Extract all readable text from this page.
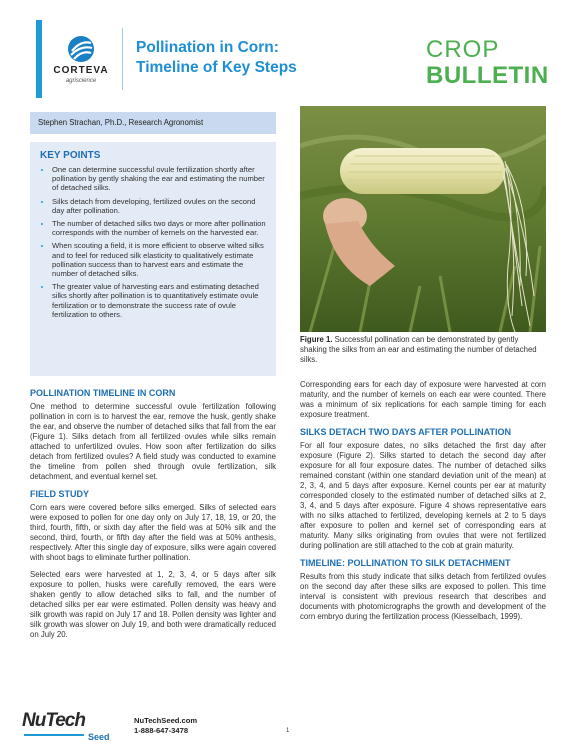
CORTEVA
agriscience
Pollination in Corn:
Timeline of Key Steps
CROP
BULLETIN
Stephen Strachan, Ph.D., Research Agronomist
KEY POINTS
• One can determine successful ovule fertilization shortly after pollination by gently shaking the ear and estimating the number of detached silks.
• Silks detach from developing, fertilized ovules on the second day after pollination.
• The number of detached silks two days or more after pollination corresponds with the number of kernels on the harvested ear.
• When scouting a field, it is more efficient to observe wilted silks and to feel for reduced silk elasticity to qualitatively estimate pollination success than to harvest ears and estimate the number of detached silks.
• The greater value of harvesting ears and estimating detached silks shortly after pollination is to quantitatively estimate ovule fertilization or to demonstrate the success rate of ovule fertilization to others.
POLLINATION TIMELINE IN CORN

One method to determine successful ovule fertilization following pollination in corn is to harvest the ear, remove the husk, gently shake the ear, and observe the number of detached silks that fall from the ear (Figure 1). Silks detach from all fertilized ovules while silks remain attached to unfertilized ovules. How soon after fertilization do silks detach from fertilized ovules? A field study was conducted to examine the timeline from pollen shed through ovule fertilization, silk detachment, and eventual kernel set.

FIELD STUDY

Corn ears were covered before silks emerged. Silks of selected ears were exposed to pollen for one day only on July 17, 18, 19, or 20, the third, fourth, fifth, or sixth day after the field was at 50% silk and the second, third, fourth, or fifth day after the field was at 50% anthesis, respectively. After this single day of exposure, silks were again covered with shoot bags to eliminate further pollination.

Selected ears were harvested at 1, 2, 3, 4, or 5 days after silk exposure to pollen, husks were carefully removed, the ears were shaken gently to allow detached silks to fall, and the number of detached silks per ear were estimated. Pollen density was heavy and silk growth was rapid on July 17 and 18. Pollen density was lighter and silk growth was slower on July 19, and both were dramatically reduced on July 20.

Figure 1. Successful pollination can be demonstrated by gently shaking the silks from an ear and estimating the number of detached silks.

Corresponding ears for each day of exposure were harvested at corn maturity, and the number of kernels on each ear were counted. There was a minimum of six replications for each sample timing for each exposure treatment.

SILKS DETACH TWO DAYS AFTER POLLINATION

For all four exposure dates, no silks detached the first day after exposure (Figure 2). Silks started to detach the second day after exposure for all four exposure dates. The number of detached silks remained constant (within one standard deviation unit of the mean) at 2, 3, 4, and 5 days after exposure. Kernel counts per ear at maturity corresponded closely to the estimated number of detached silks at 2, 3, 4, and 5 days after exposure. Figure 4 shows representative ears with no silks attached to fertilized, developing kernels at 2 to 5 days after exposure to pollen and kernel set of corresponding ears at maturity. Many silks originating from ovules that were not fertilized during pollination are still attached to the cob at grain maturity.

TIMELINE: POLLINATION TO SILK DETACHMENT

Results from this study indicate that silks detach from fertilized ovules on the second day after these silks are exposed to pollen. This time interval is consistent with previous research that describes and documents with photomicrographs the growth and development of the corn embryo during the fertilization process (Kiesselbach, 1999).

NuTech
Seed
NuTechSeed.com
1-888-647-3478	1
